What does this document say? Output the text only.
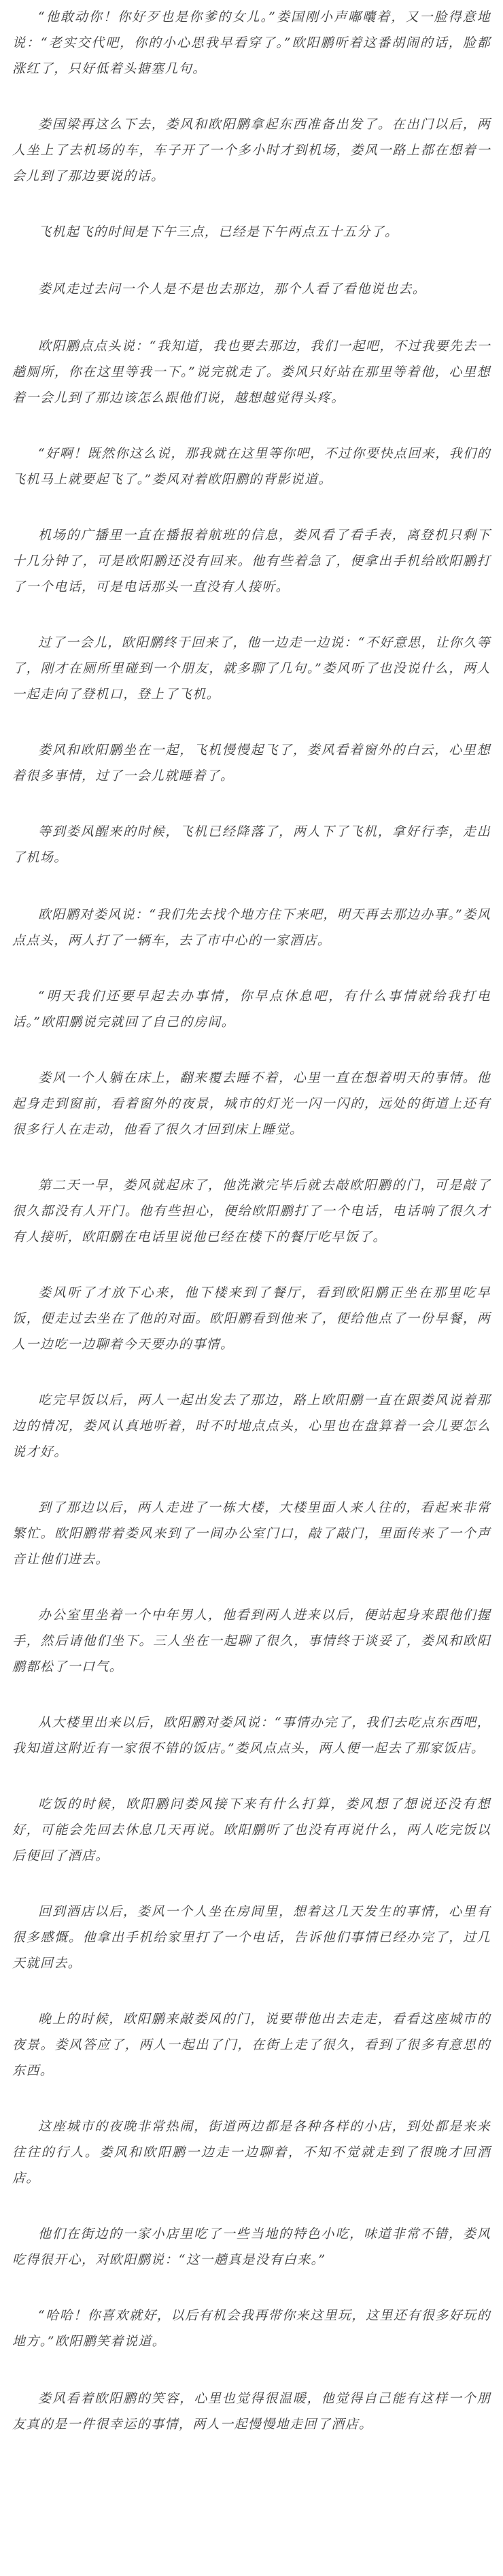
“他敢动你！你好歹也是你爹的女儿。”娄国刚小声嘟囔着，又一脸得意地说：“老实交代吧，你的小心思我早看穿了。”欧阳鹏听着这番胡闹的话，脸都涨红了，只好低着头搪塞几句。

娄国梁再这么下去，娄风和欧阳鹏拿起东西准备出发了。在出门以后，两人坐上了去机场的车，车子开了一个多小时才到机场，娄风一路上都在想着一会儿到了那边要说的话。

飞机起飞的时间是下午三点，已经是下午两点五十五分了。

娄风走过去问一个人是不是也去那边，那个人看了看他说也去。

欧阳鹏点点头说：“我知道，我也要去那边，我们一起吧，不过我要先去一趟厕所，你在这里等我一下。”说完就走了。娄风只好站在那里等着他，心里想着一会儿到了那边该怎么跟他们说，越想越觉得头疼。

“好啊！既然你这么说，那我就在这里等你吧，不过你要快点回来，我们的飞机马上就要起飞了。”娄风对着欧阳鹏的背影说道。

机场的广播里一直在播报着航班的信息，娄风看了看手表，离登机只剩下十几分钟了，可是欧阳鹏还没有回来。他有些着急了，便拿出手机给欧阳鹏打了一个电话，可是电话那头一直没有人接听。

过了一会儿，欧阳鹏终于回来了，他一边走一边说：“不好意思，让你久等了，刚才在厕所里碰到一个朋友，就多聊了几句。”娄风听了也没说什么，两人一起走向了登机口，登上了飞机。

娄风和欧阳鹏坐在一起，飞机慢慢起飞了，娄风看着窗外的白云，心里想着很多事情，过了一会儿就睡着了。

等到娄风醒来的时候，飞机已经降落了，两人下了飞机，拿好行李，走出了机场。

欧阳鹏对娄风说：“我们先去找个地方住下来吧，明天再去那边办事。”娄风点点头，两人打了一辆车，去了市中心的一家酒店。

“明天我们还要早起去办事情，你早点休息吧，有什么事情就给我打电话。”欧阳鹏说完就回了自己的房间。

娄风一个人躺在床上，翻来覆去睡不着，心里一直在想着明天的事情。他起身走到窗前，看着窗外的夜景，城市的灯光一闪一闪的，远处的街道上还有很多行人在走动，他看了很久才回到床上睡觉。

第二天一早，娄风就起床了，他洗漱完毕后就去敲欧阳鹏的门，可是敲了很久都没有人开门。他有些担心，便给欧阳鹏打了一个电话，电话响了很久才有人接听，欧阳鹏在电话里说他已经在楼下的餐厅吃早饭了。

娄风听了才放下心来，他下楼来到了餐厅，看到欧阳鹏正坐在那里吃早饭，便走过去坐在了他的对面。欧阳鹏看到他来了，便给他点了一份早餐，两人一边吃一边聊着今天要办的事情。

吃完早饭以后，两人一起出发去了那边，路上欧阳鹏一直在跟娄风说着那边的情况，娄风认真地听着，时不时地点点头，心里也在盘算着一会儿要怎么说才好。

到了那边以后，两人走进了一栋大楼，大楼里面人来人往的，看起来非常繁忙。欧阳鹏带着娄风来到了一间办公室门口，敲了敲门，里面传来了一个声音让他们进去。

办公室里坐着一个中年男人，他看到两人进来以后，便站起身来跟他们握手，然后请他们坐下。三人坐在一起聊了很久，事情终于谈妥了，娄风和欧阳鹏都松了一口气。

从大楼里出来以后，欧阳鹏对娄风说：“事情办完了，我们去吃点东西吧，我知道这附近有一家很不错的饭店。”娄风点点头，两人便一起去了那家饭店。

吃饭的时候，欧阳鹏问娄风接下来有什么打算，娄风想了想说还没有想好，可能会先回去休息几天再说。欧阳鹏听了也没有再说什么，两人吃完饭以后便回了酒店。

回到酒店以后，娄风一个人坐在房间里，想着这几天发生的事情，心里有很多感慨。他拿出手机给家里打了一个电话，告诉他们事情已经办完了，过几天就回去。

晚上的时候，欧阳鹏来敲娄风的门，说要带他出去走走，看看这座城市的夜景。娄风答应了，两人一起出了门，在街上走了很久，看到了很多有意思的东西。

这座城市的夜晚非常热闹，街道两边都是各种各样的小店，到处都是来来往往的行人。娄风和欧阳鹏一边走一边聊着，不知不觉就走到了很晚才回酒店。

他们在街边的一家小店里吃了一些当地的特色小吃，味道非常不错，娄风吃得很开心，对欧阳鹏说：“这一趟真是没有白来。”

“哈哈！你喜欢就好，以后有机会我再带你来这里玩，这里还有很多好玩的地方。”欧阳鹏笑着说道。

娄风看着欧阳鹏的笑容，心里也觉得很温暖，他觉得自己能有这样一个朋友真的是一件很幸运的事情，两人一起慢慢地走回了酒店。
